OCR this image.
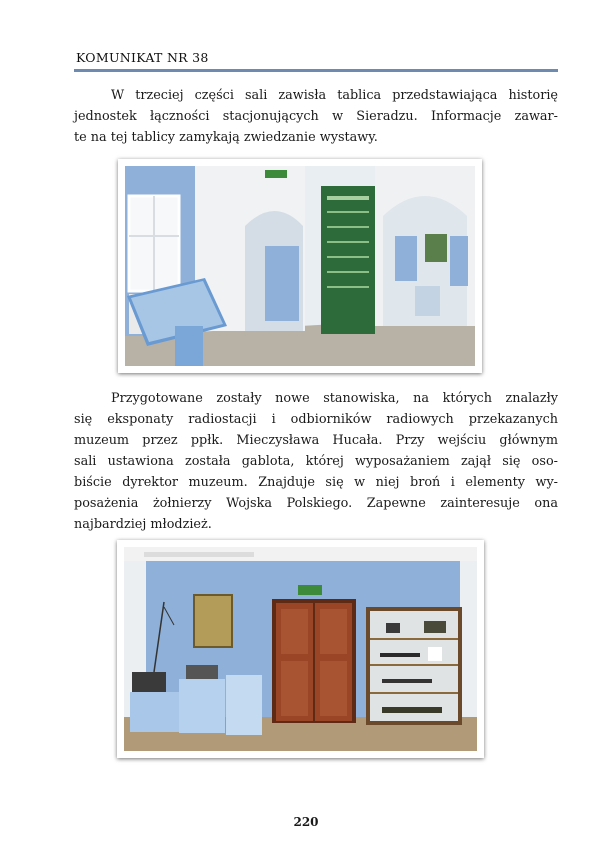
KOMUNIKAT NR 38

W trzeciej części sali zawisła tablica przedstawiająca historię
jednostek łączności stacjonujących w Sieradzu. Informacje zawar-
te na tej tablicy zamykają zwiedzanie wystawy.

Przygotowane zostały nowe stanowiska, na których znalazły
się eksponaty radiostacji i odbiorników radiowych przekazanych
muzeum przez ppłk. Mieczysława Hucała. Przy wejściu głównym
sali ustawiona została gablota, której wyposażaniem zajął się oso-
biście dyrektor muzeum. Znajduje się w niej broń i elementy wy-
posażenia żołnierzy Wojska Polskiego. Zapewne zainteresuje ona
najbardziej młodzież.

220
